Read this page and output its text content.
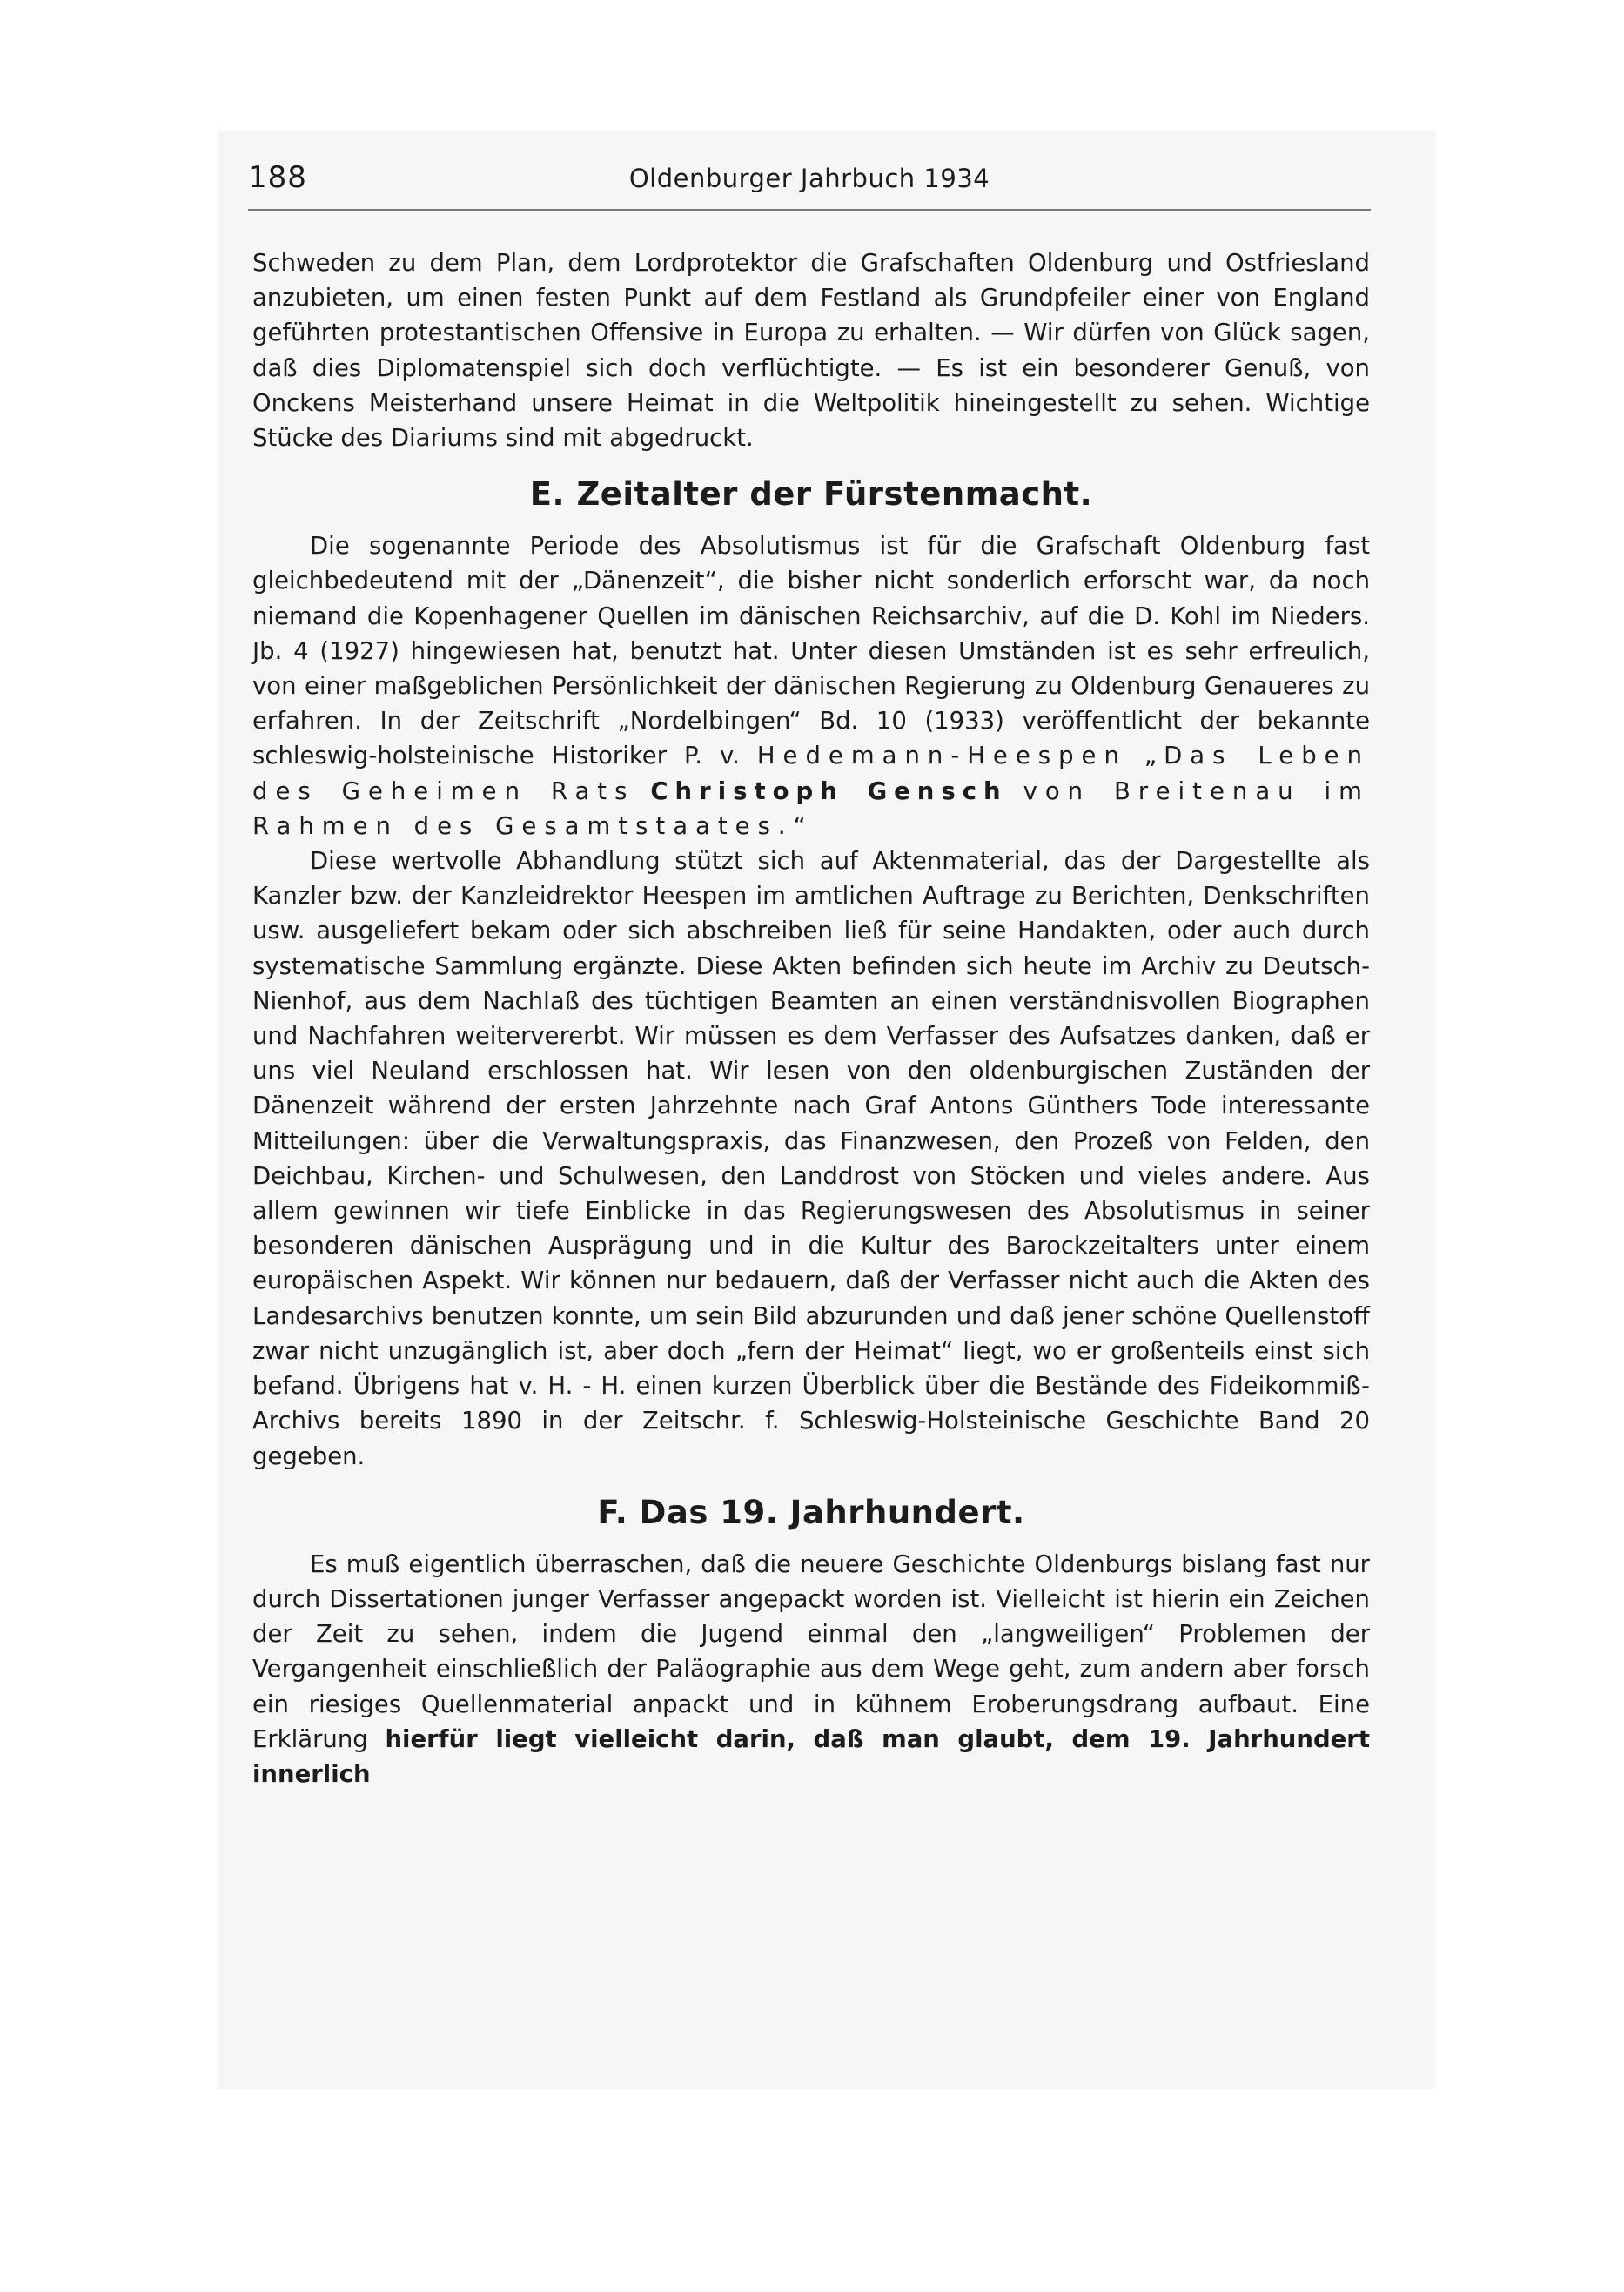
188	Oldenburger Jahrbuch 1934

Schweden zu dem Plan, dem Lordprotektor die Grafschaften Oldenburg und Ostfriesland anzubieten, um einen festen Punkt auf dem Festland als Grundpfeiler einer von England geführten protestantischen Offensive in Europa zu erhalten. — Wir dürfen von Glück sagen, daß dies Diplomatenspiel sich doch verflüchtigte. — Es ist ein besonderer Genuß, von Onckens Meisterhand unsere Heimat in die Weltpolitik hineingestellt zu sehen. Wichtige Stücke des Diariums sind mit abgedruckt.

E. Zeitalter der Fürstenmacht.

Die sogenannte Periode des Absolutismus ist für die Grafschaft Oldenburg fast gleichbedeutend mit der „Dänenzeit“, die bisher nicht sonderlich erforscht war, da noch niemand die Kopenhagener Quellen im dänischen Reichsarchiv, auf die D. Kohl im Nieders. Jb. 4 (1927) hingewiesen hat, benutzt hat. Unter diesen Umständen ist es sehr erfreulich, von einer maßgeblichen Persönlichkeit der dänischen Regierung zu Oldenburg Genaueres zu erfahren. In der Zeitschrift „Nordelbingen“ Bd. 10 (1933) veröffentlicht der bekannte schleswig-holsteinische Historiker P. v. Hedemann-Heespen „Das Leben des Geheimen Rats Christoph Gensch von Breitenau im Rahmen des Gesamtstaates.“

Diese wertvolle Abhandlung stützt sich auf Aktenmaterial, das der Dargestellte als Kanzler bzw. der Kanzleidrektor Heespen im amtlichen Auftrage zu Berichten, Denkschriften usw. ausgeliefert bekam oder sich abschreiben ließ für seine Handakten, oder auch durch systematische Sammlung ergänzte. Diese Akten befinden sich heute im Archiv zu Deutsch-Nienhof, aus dem Nachlaß des tüchtigen Beamten an einen verständnisvollen Biographen und Nachfahren weitervererbt. Wir müssen es dem Verfasser des Aufsatzes danken, daß er uns viel Neuland erschlossen hat. Wir lesen von den oldenburgischen Zuständen der Dänenzeit während der ersten Jahrzehnte nach Graf Antons Günthers Tode interessante Mitteilungen: über die Verwaltungspraxis, das Finanzwesen, den Prozeß von Felden, den Deichbau, Kirchen- und Schulwesen, den Landdrost von Stöcken und vieles andere. Aus allem gewinnen wir tiefe Einblicke in das Regierungswesen des Absolutismus in seiner besonderen dänischen Ausprägung und in die Kultur des Barockzeitalters unter einem europäischen Aspekt. Wir können nur bedauern, daß der Verfasser nicht auch die Akten des Landesarchivs benutzen konnte, um sein Bild abzurunden und daß jener schöne Quellenstoff zwar nicht unzugänglich ist, aber doch „fern der Heimat“ liegt, wo er großenteils einst sich befand. Übrigens hat v. H. - H. einen kurzen Überblick über die Bestände des Fideikommiß-Archivs bereits 1890 in der Zeitschr. f. Schleswig-Holsteinische Geschichte Band 20 gegeben.

F. Das 19. Jahrhundert.

Es muß eigentlich überraschen, daß die neuere Geschichte Oldenburgs bislang fast nur durch Dissertationen junger Verfasser angepackt worden ist. Vielleicht ist hierin ein Zeichen der Zeit zu sehen, indem die Jugend einmal den „langweiligen“ Problemen der Vergangenheit einschließlich der Paläographie aus dem Wege geht, zum andern aber forsch ein riesiges Quellenmaterial anpackt und in kühnem Eroberungsdrang aufbaut. Eine Erklärung hierfür liegt vielleicht darin, daß man glaubt, dem 19. Jahrhundert innerlich
